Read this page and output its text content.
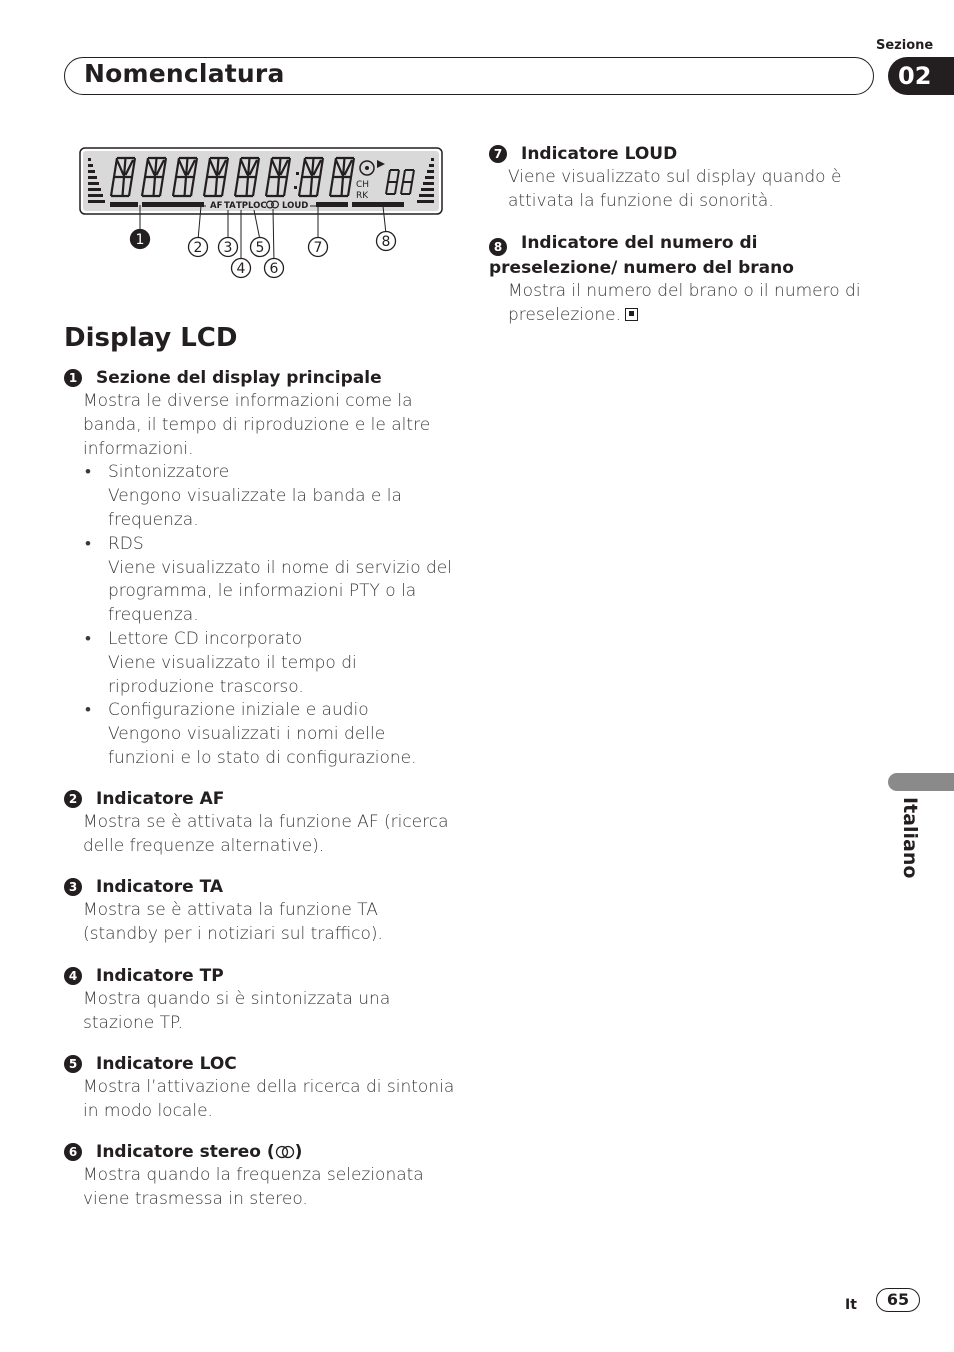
Sezione
Nomenclatura	02
CH
RK
AF TA TP LOC LOUD
1	2 3
4
5
6
7	8
Display LCD
1 Sezione del display principale
Mostra le diverse informazioni come la banda, il tempo di riproduzione e le altre informazioni.
• Sintonizzatore
Vengono visualizzate la banda e la frequenza.
• RDS
Viene visualizzato il nome di servizio del programma, le informazioni PTY o la frequenza.
• Lettore CD incorporato
Viene visualizzato il tempo di riproduzione trascorso.
• Configurazione iniziale e audio
Vengono visualizzati i nomi delle funzioni e lo stato di configurazione.
2 Indicatore AF
Mostra se è attivata la funzione AF (ricerca delle frequenze alternative).
3 Indicatore TA
Mostra se è attivata la funzione TA (standby per i notiziari sul traffico).
4 Indicatore TP
Mostra quando si è sintonizzata una stazione TP.
5 Indicatore LOC
Mostra l’attivazione della ricerca di sintonia in modo locale.
6 Indicatore stereo ( )
Mostra quando la frequenza selezionata viene trasmessa in stereo.
7 Indicatore LOUD
Viene visualizzato sul display quando è attivata la funzione di sonorità.
8 Indicatore del numero di preselezione/ numero del brano
Mostra il numero del brano o il numero di preselezione.
Italiano
It	65
